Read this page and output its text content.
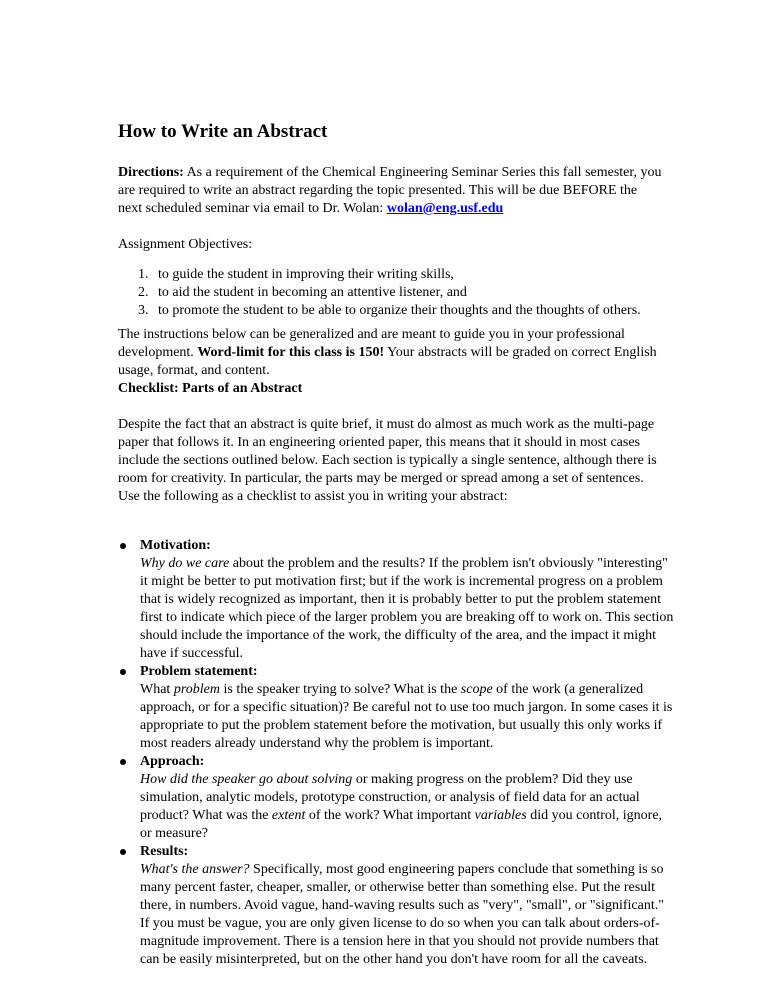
How to Write an Abstract

Directions: As a requirement of the Chemical Engineering Seminar Series this fall semester, you are required to write an abstract regarding the topic presented. This will be due BEFORE the next scheduled seminar via email to Dr. Wolan: wolan@eng.usf.edu

Assignment Objectives:

1. to guide the student in improving their writing skills,
2. to aid the student in becoming an attentive listener, and
3. to promote the student to be able to organize their thoughts and the thoughts of others.

The instructions below can be generalized and are meant to guide you in your professional development. Word-limit for this class is 150! Your abstracts will be graded on correct English usage, format, and content.

Checklist: Parts of an Abstract

Despite the fact that an abstract is quite brief, it must do almost as much work as the multi-page paper that follows it. In an engineering oriented paper, this means that it should in most cases include the sections outlined below. Each section is typically a single sentence, although there is room for creativity. In particular, the parts may be merged or spread among a set of sentences. Use the following as a checklist to assist you in writing your abstract:

Motivation:
Why do we care about the problem and the results? If the problem isn't obviously "interesting" it might be better to put motivation first; but if the work is incremental progress on a problem that is widely recognized as important, then it is probably better to put the problem statement first to indicate which piece of the larger problem you are breaking off to work on. This section should include the importance of the work, the difficulty of the area, and the impact it might have if successful.
Problem statement:
What problem is the speaker trying to solve? What is the scope of the work (a generalized approach, or for a specific situation)? Be careful not to use too much jargon. In some cases it is appropriate to put the problem statement before the motivation, but usually this only works if most readers already understand why the problem is important.
Approach:
How did the speaker go about solving or making progress on the problem? Did they use simulation, analytic models, prototype construction, or analysis of field data for an actual product? What was the extent of the work? What important variables did you control, ignore, or measure?
Results:
What's the answer? Specifically, most good engineering papers conclude that something is so many percent faster, cheaper, smaller, or otherwise better than something else. Put the result there, in numbers. Avoid vague, hand-waving results such as "very", "small", or "significant." If you must be vague, you are only given license to do so when you can talk about orders-of-magnitude improvement. There is a tension here in that you should not provide numbers that can be easily misinterpreted, but on the other hand you don't have room for all the caveats.
